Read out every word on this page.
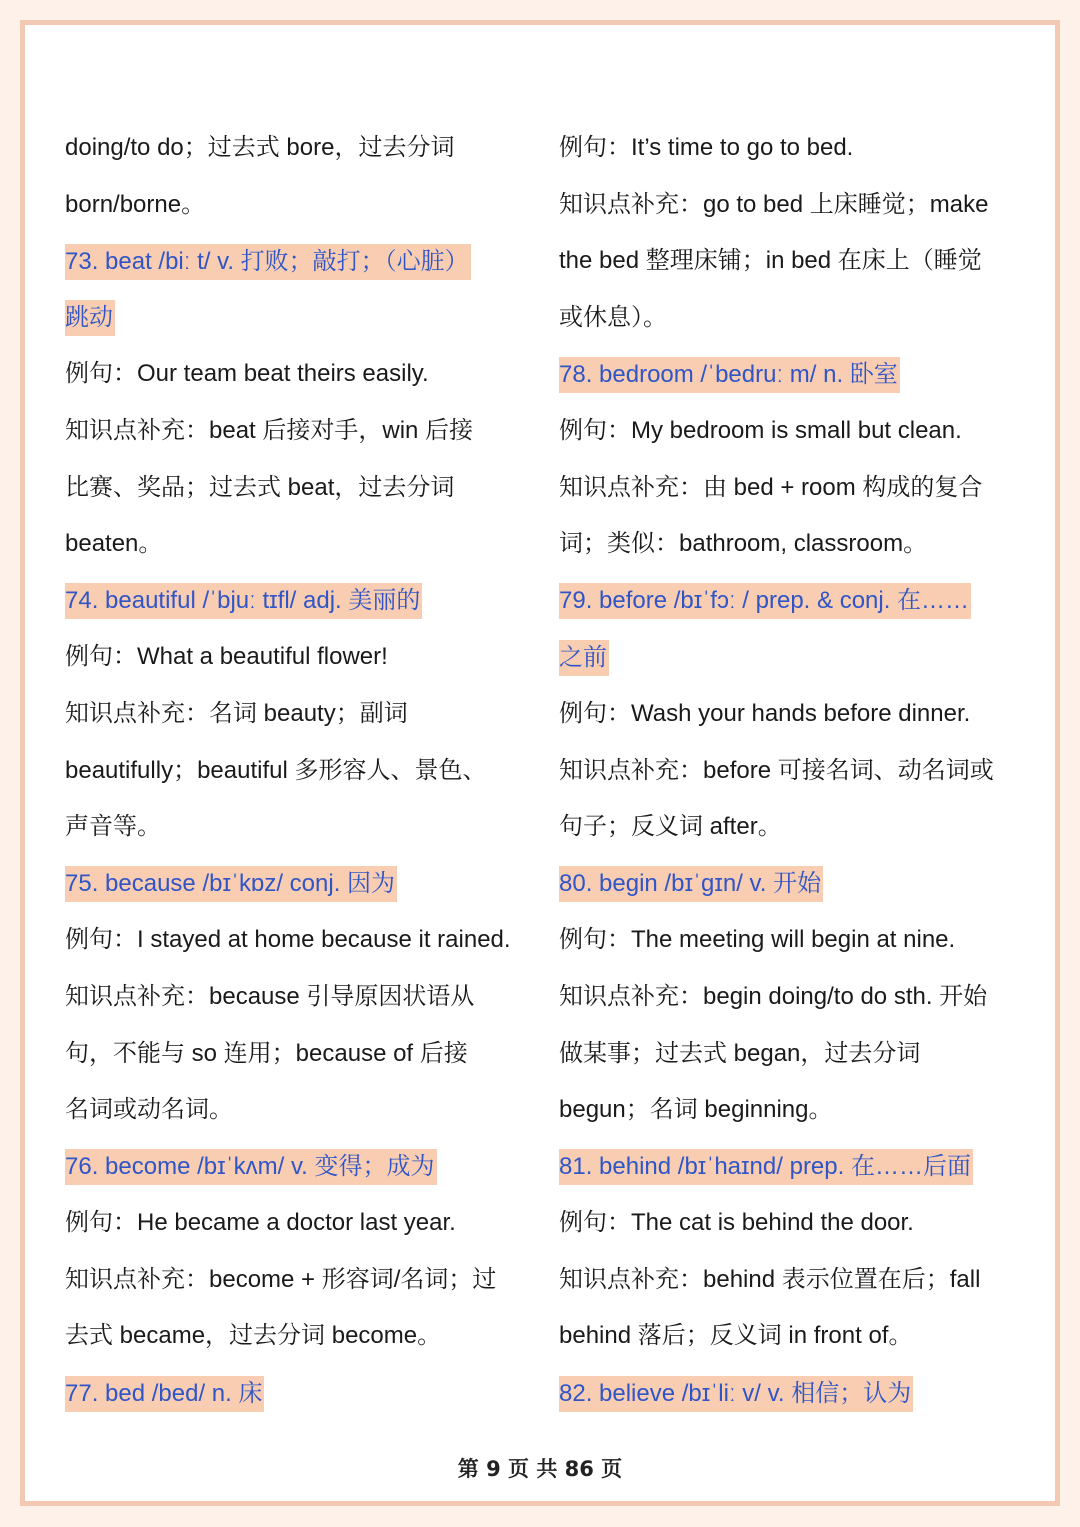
doing/to do；过去式 bore，过去分词
born/borne。
73. beat /biː t/ v. 打败；敲打；（心脏）
跳动
例句：Our team beat theirs easily.
知识点补充：beat 后接对手，win 后接
比赛、奖品；过去式 beat，过去分词
beaten。
74. beautiful /ˈbjuː tɪfl/ adj. 美丽的
例句：What a beautiful flower!
知识点补充：名词 beauty；副词
beautifully；beautiful 多形容人、景色、
声音等。
75. because /bɪˈkɒz/ conj. 因为
例句：I stayed at home because it rained.
知识点补充：because 引导原因状语从
句，不能与 so 连用；because of 后接
名词或动名词。
76. become /bɪˈkʌm/ v. 变得；成为
例句：He became a doctor last year.
知识点补充：become + 形容词/名词；过
去式 became，过去分词 become。
77. bed /bed/ n. 床
例句：It’s time to go to bed.
知识点补充：go to bed 上床睡觉；make
the bed 整理床铺；in bed 在床上（睡觉
或休息）。
78. bedroom /ˈbedruː m/ n. 卧室
例句：My bedroom is small but clean.
知识点补充：由 bed + room 构成的复合
词；类似：bathroom, classroom。
79. before /bɪˈfɔː / prep. & conj. 在……
之前
例句：Wash your hands before dinner.
知识点补充：before 可接名词、动名词或
句子；反义词 after。
80. begin /bɪˈɡɪn/ v. 开始
例句：The meeting will begin at nine.
知识点补充：begin doing/to do sth. 开始
做某事；过去式 began，过去分词
begun；名词 beginning。
81. behind /bɪˈhaɪnd/ prep. 在……后面
例句：The cat is behind the door.
知识点补充：behind 表示位置在后；fall
behind 落后；反义词 in front of。
82. believe /bɪˈliː v/ v. 相信；认为
第 9 页 共 86 页
